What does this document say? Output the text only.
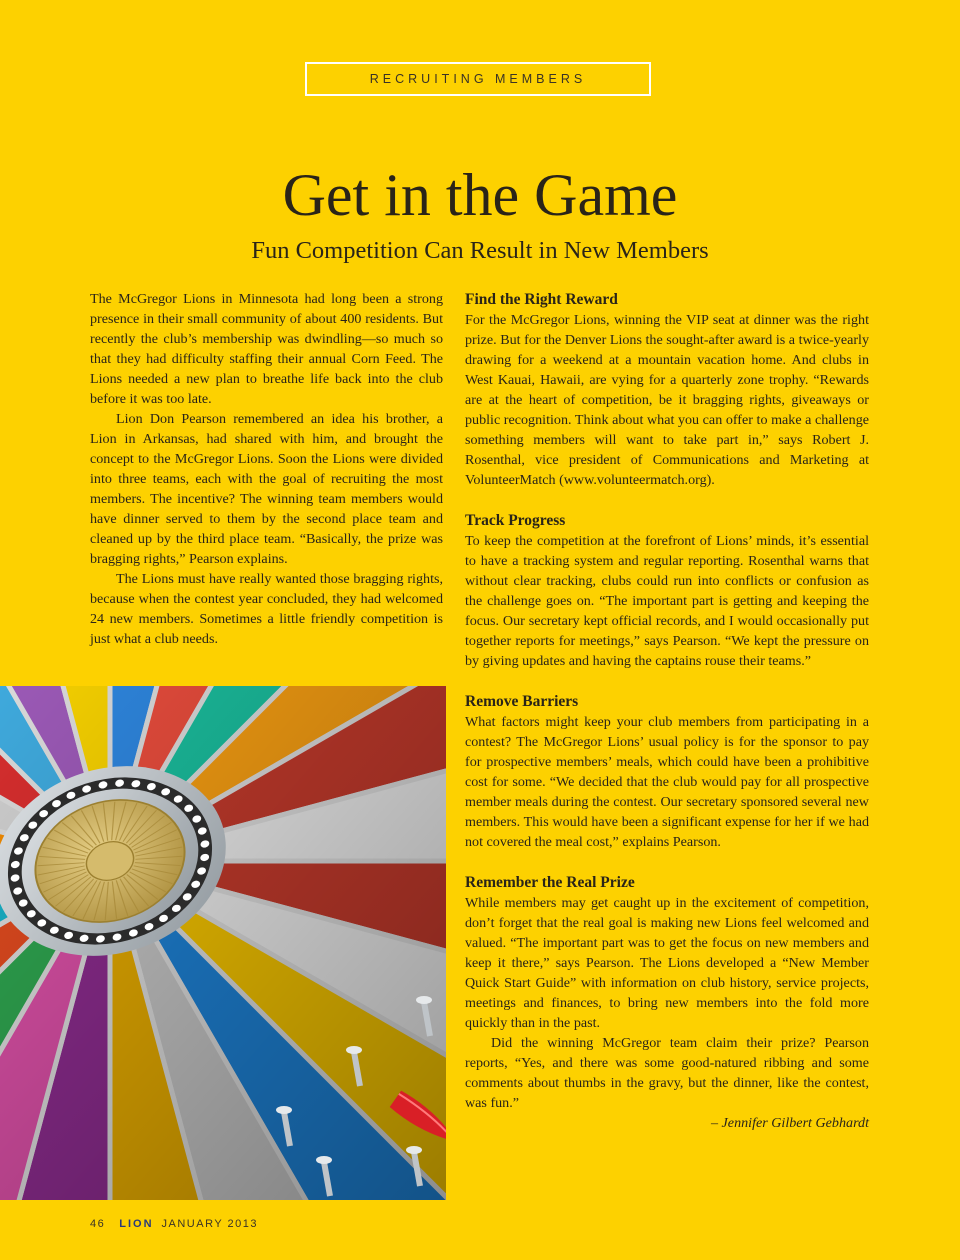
RECRUITING MEMBERS
Get in the Game
Fun Competition Can Result in New Members

The McGregor Lions in Minnesota had long been a strong presence in their small community of about 400 residents. But recently the club’s membership was dwindling—so much so that they had difficulty staffing their annual Corn Feed. The Lions needed a new plan to breathe life back into the club before it was too late.

Lion Don Pearson remembered an idea his brother, a Lion in Arkansas, had shared with him, and brought the concept to the McGregor Lions. Soon the Lions were divided into three teams, each with the goal of recruiting the most members. The incentive? The winning team members would have dinner served to them by the second place team and cleaned up by the third place team. “Basically, the prize was bragging rights,” Pearson explains.

The Lions must have really wanted those bragging rights, because when the contest year concluded, they had welcomed 24 new members. Sometimes a little friendly competition is just what a club needs.

Find the Right Reward

For the McGregor Lions, winning the VIP seat at dinner was the right prize. But for the Denver Lions the sought-after award is a twice-yearly drawing for a weekend at a mountain vacation home. And clubs in West Kauai, Hawaii, are vying for a quarterly zone trophy. “Rewards are at the heart of competition, be it bragging rights, giveaways or public recognition. Think about what you can offer to make a challenge something members will want to take part in,” says Robert J. Rosenthal, vice president of Communications and Marketing at VolunteerMatch (www.volunteermatch.org).

Track Progress

To keep the competition at the forefront of Lions’ minds, it’s essential to have a tracking system and regular reporting. Rosenthal warns that without clear tracking, clubs could run into conflicts or confusion as the challenge goes on. “The important part is getting and keeping the focus. Our secretary kept official records, and I would occasionally put together reports for meetings,” says Pearson. “We kept the pressure on by giving updates and having the captains rouse their teams.”

Remove Barriers

What factors might keep your club members from participating in a contest? The McGregor Lions’ usual policy is for the sponsor to pay for prospective members’ meals, which could have been a prohibitive cost for some. “We decided that the club would pay for all prospective member meals during the contest. Our secretary sponsored several new members. This would have been a significant expense for her if we had not covered the meal cost,” explains Pearson.

Remember the Real Prize

While members may get caught up in the excitement of competition, don’t forget that the real goal is making new Lions feel welcomed and valued. “The important part was to get the focus on new members and keep it there,” says Pearson. The Lions developed a “New Member Quick Start Guide” with information on club history, service projects, meetings and finances, to bring new members into the fold more quickly than in the past.

Did the winning McGregor team claim their prize? Pearson reports, “Yes, and there was some good-natured ribbing and some comments about thumbs in the gravy, but the dinner, like the contest, was fun.”

– Jennifer Gilbert Gebhardt

46 LION JANUARY 2013
